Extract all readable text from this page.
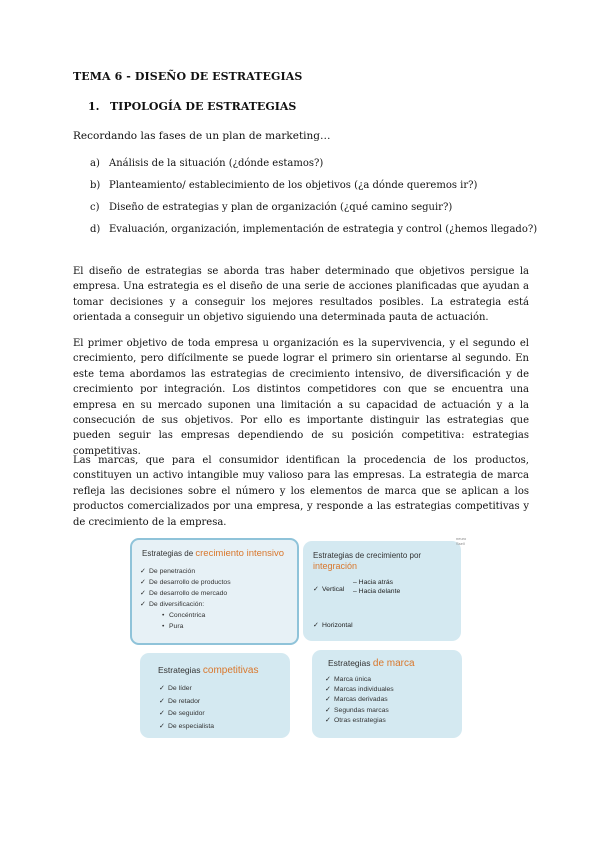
TEMA 6 - DISEÑO DE ESTRATEGIAS
1. TIPOLOGÍA DE ESTRATEGIAS
Recordando las fases de un plan de marketing…
a) Análisis de la situación (¿dónde estamos?)
b) Planteamiento/ establecimiento de los objetivos (¿a dónde queremos ir?)
c) Diseño de estrategias y plan de organización (¿qué camino seguir?)
d) Evaluación, organización, implementación de estrategia y control (¿hemos llegado?)

El diseño de estrategias se aborda tras haber determinado que objetivos persigue la empresa. Una estrategia es el diseño de una serie de acciones planificadas que ayudan a tomar decisiones y a conseguir los mejores resultados posibles. La estrategia está orientada a conseguir un objetivo siguiendo una determinada pauta de actuación.

El primer objetivo de toda empresa u organización es la supervivencia, y el segundo el crecimiento, pero difícilmente se puede lograr el primero sin orientarse al segundo. En este tema abordamos las estrategias de crecimiento intensivo, de diversificación y de crecimiento por integración. Los distintos competidores con que se encuentra una empresa en su mercado suponen una limitación a su capacidad de actuación y a la consecución de sus objetivos. Por ello es importante distinguir las estrategias que pueden seguir las empresas dependiendo de su posición competitiva: estrategias competitivas.

Las marcas, que para el consumidor identifican la procedencia de los productos, constituyen un activo intangible muy valioso para las empresas. La estrategia de marca refleja las decisiones sobre el número y los elementos de marca que se aplican a los productos comercializados por una empresa, y responde a las estrategias competitivas y de crecimiento de la empresa.

Estrategias de crecimiento intensivo
✓ De penetración
✓ De desarrollo de productos
✓ De desarrollo de mercado
✓ De diversificación:
• Concéntrica
• Pura
Estrategias de crecimiento por
integración
✓ Vertical
– Hacia atrás
– Hacia delante
✓ Horizontal
neuro
Ssell
Estrategias competitivas
✓ De líder
✓ De retador
✓ De seguidor
✓ De especialista
Estrategias de marca
✓ Marca única
✓ Marcas individuales
✓ Marcas derivadas
✓ Segundas marcas
✓ Otras estrategias
